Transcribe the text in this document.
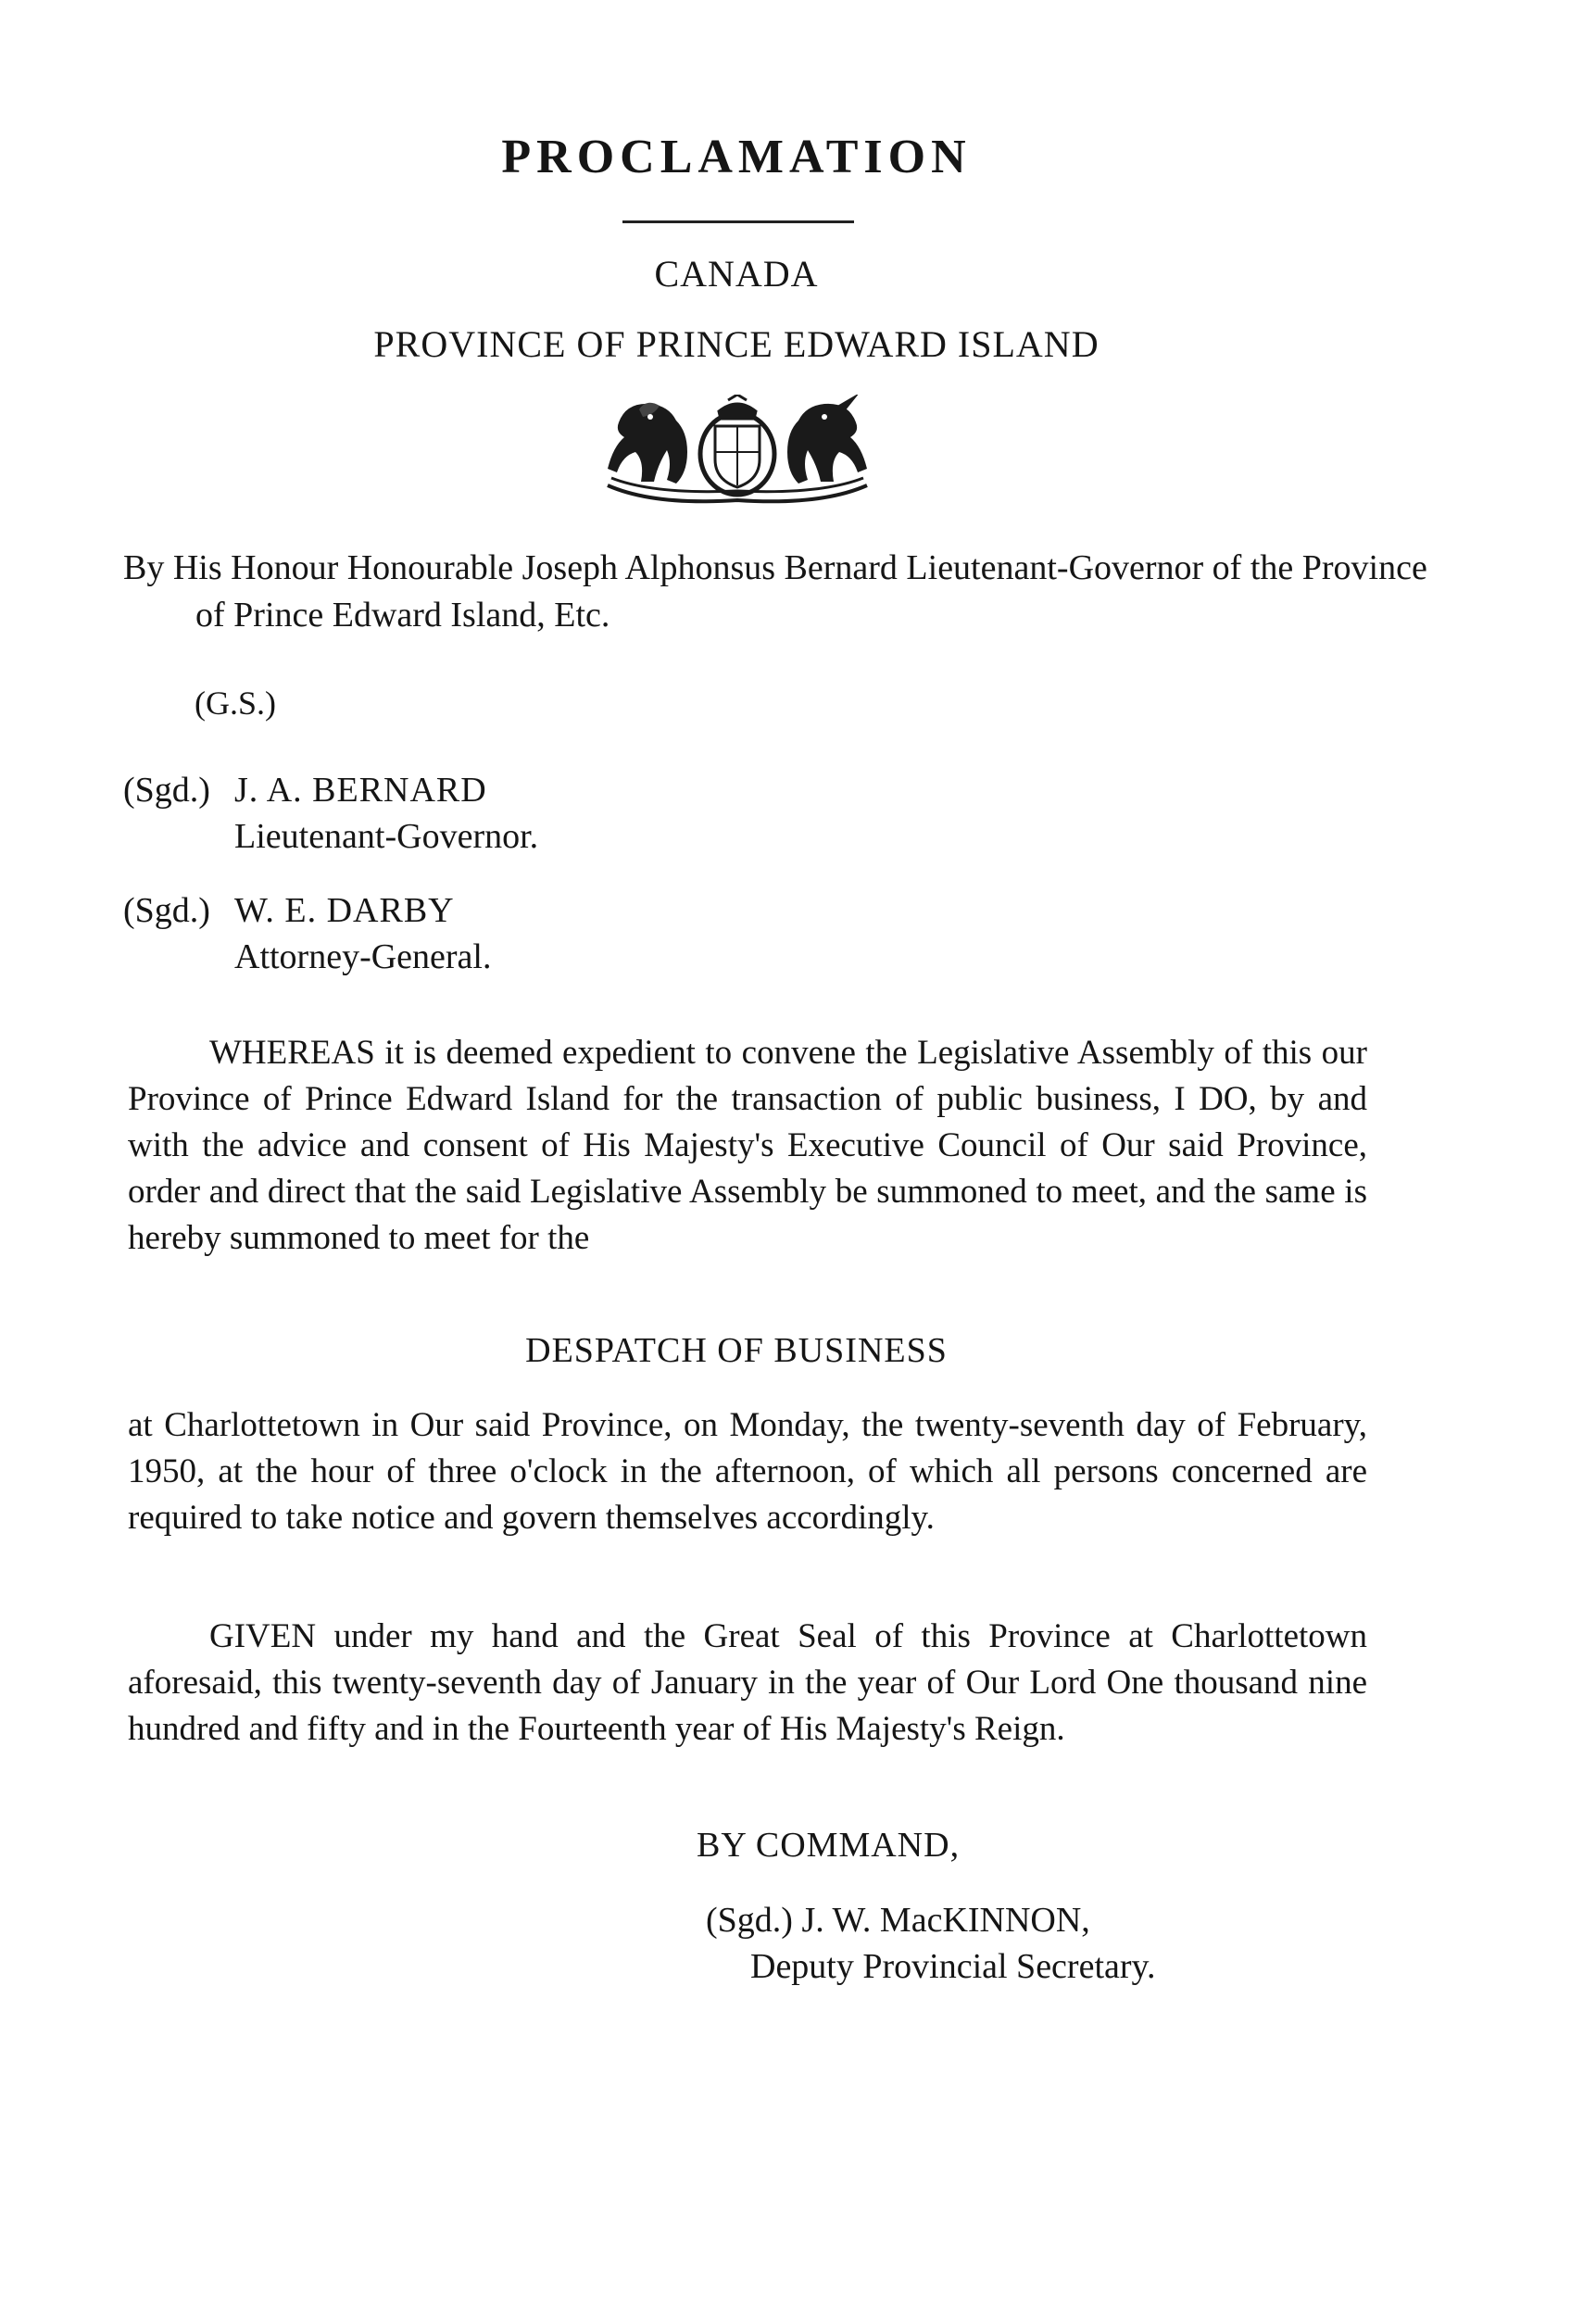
PROCLAMATION
CANADA
PROVINCE OF PRINCE EDWARD ISLAND
By His Honour Honourable Joseph Alphonsus Bernard Lieutenant-Governor of the Province of Prince Edward Island, Etc.
(G.S.)
(Sgd.) J. A. BERNARD
Lieutenant-Governor.
(Sgd.) W. E. DARBY
Attorney-General.

WHEREAS it is deemed expedient to convene the Legislative Assembly of this our Province of Prince Edward Island for the transaction of public business, I DO, by and with the advice and consent of His Majesty's Executive Council of Our said Province, order and direct that the said Legislative Assembly be summoned to meet, and the same is hereby summoned to meet for the

DESPATCH OF BUSINESS

at Charlottetown in Our said Province, on Monday, the twenty-seventh day of February, 1950, at the hour of three o'clock in the afternoon, of which all persons concerned are required to take notice and govern themselves accordingly.

GIVEN under my hand and the Great Seal of this Province at Charlottetown aforesaid, this twenty-seventh day of January in the year of Our Lord One thousand nine hundred and fifty and in the Fourteenth year of His Majesty's Reign.

BY COMMAND,
(Sgd.) J. W. MacKINNON,
Deputy Provincial Secretary.
